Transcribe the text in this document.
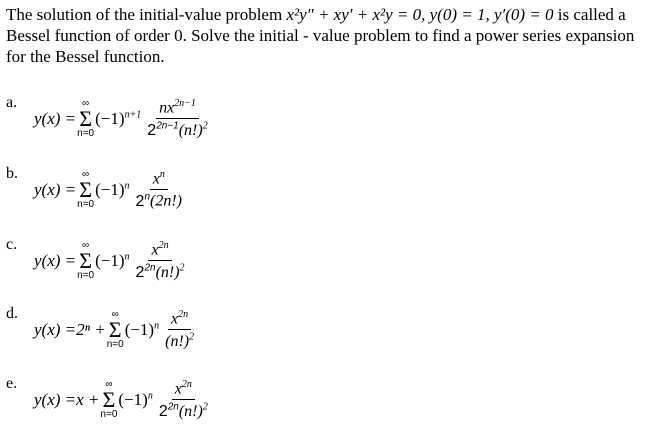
The solution of the initial-value problem x²y″ + xy′ + x²y = 0, y(0) = 1, y′(0) = 0 is called a Bessel function of order 0. Solve the initial - value problem to find a power series expansion for the Bessel function.
a.
y(x) =
∞
Σ
n=0
$(-1)^{n+1} \frac{nx^{2n-1}}{2^{2n-1}(n!)^2}$
b.
y(x) =
∞
Σ
n=0
$(-1)^n \frac{x^n}{2^n(2n!)}$
c.
y(x) =
∞
Σ
n=0
$(-1)^n \frac{x^{2n}}{2^{2n}(n!)^2}$
d.
y(x) = 2ⁿ +
∞
Σ
n=0
$(-1)^n \frac{x^{2n}}{(n!)^2}$
e.
y(x) = x +
∞
Σ
n=0
$(-1)^n \frac{x^{2n}}{2^{2n}(n!)^2}$
